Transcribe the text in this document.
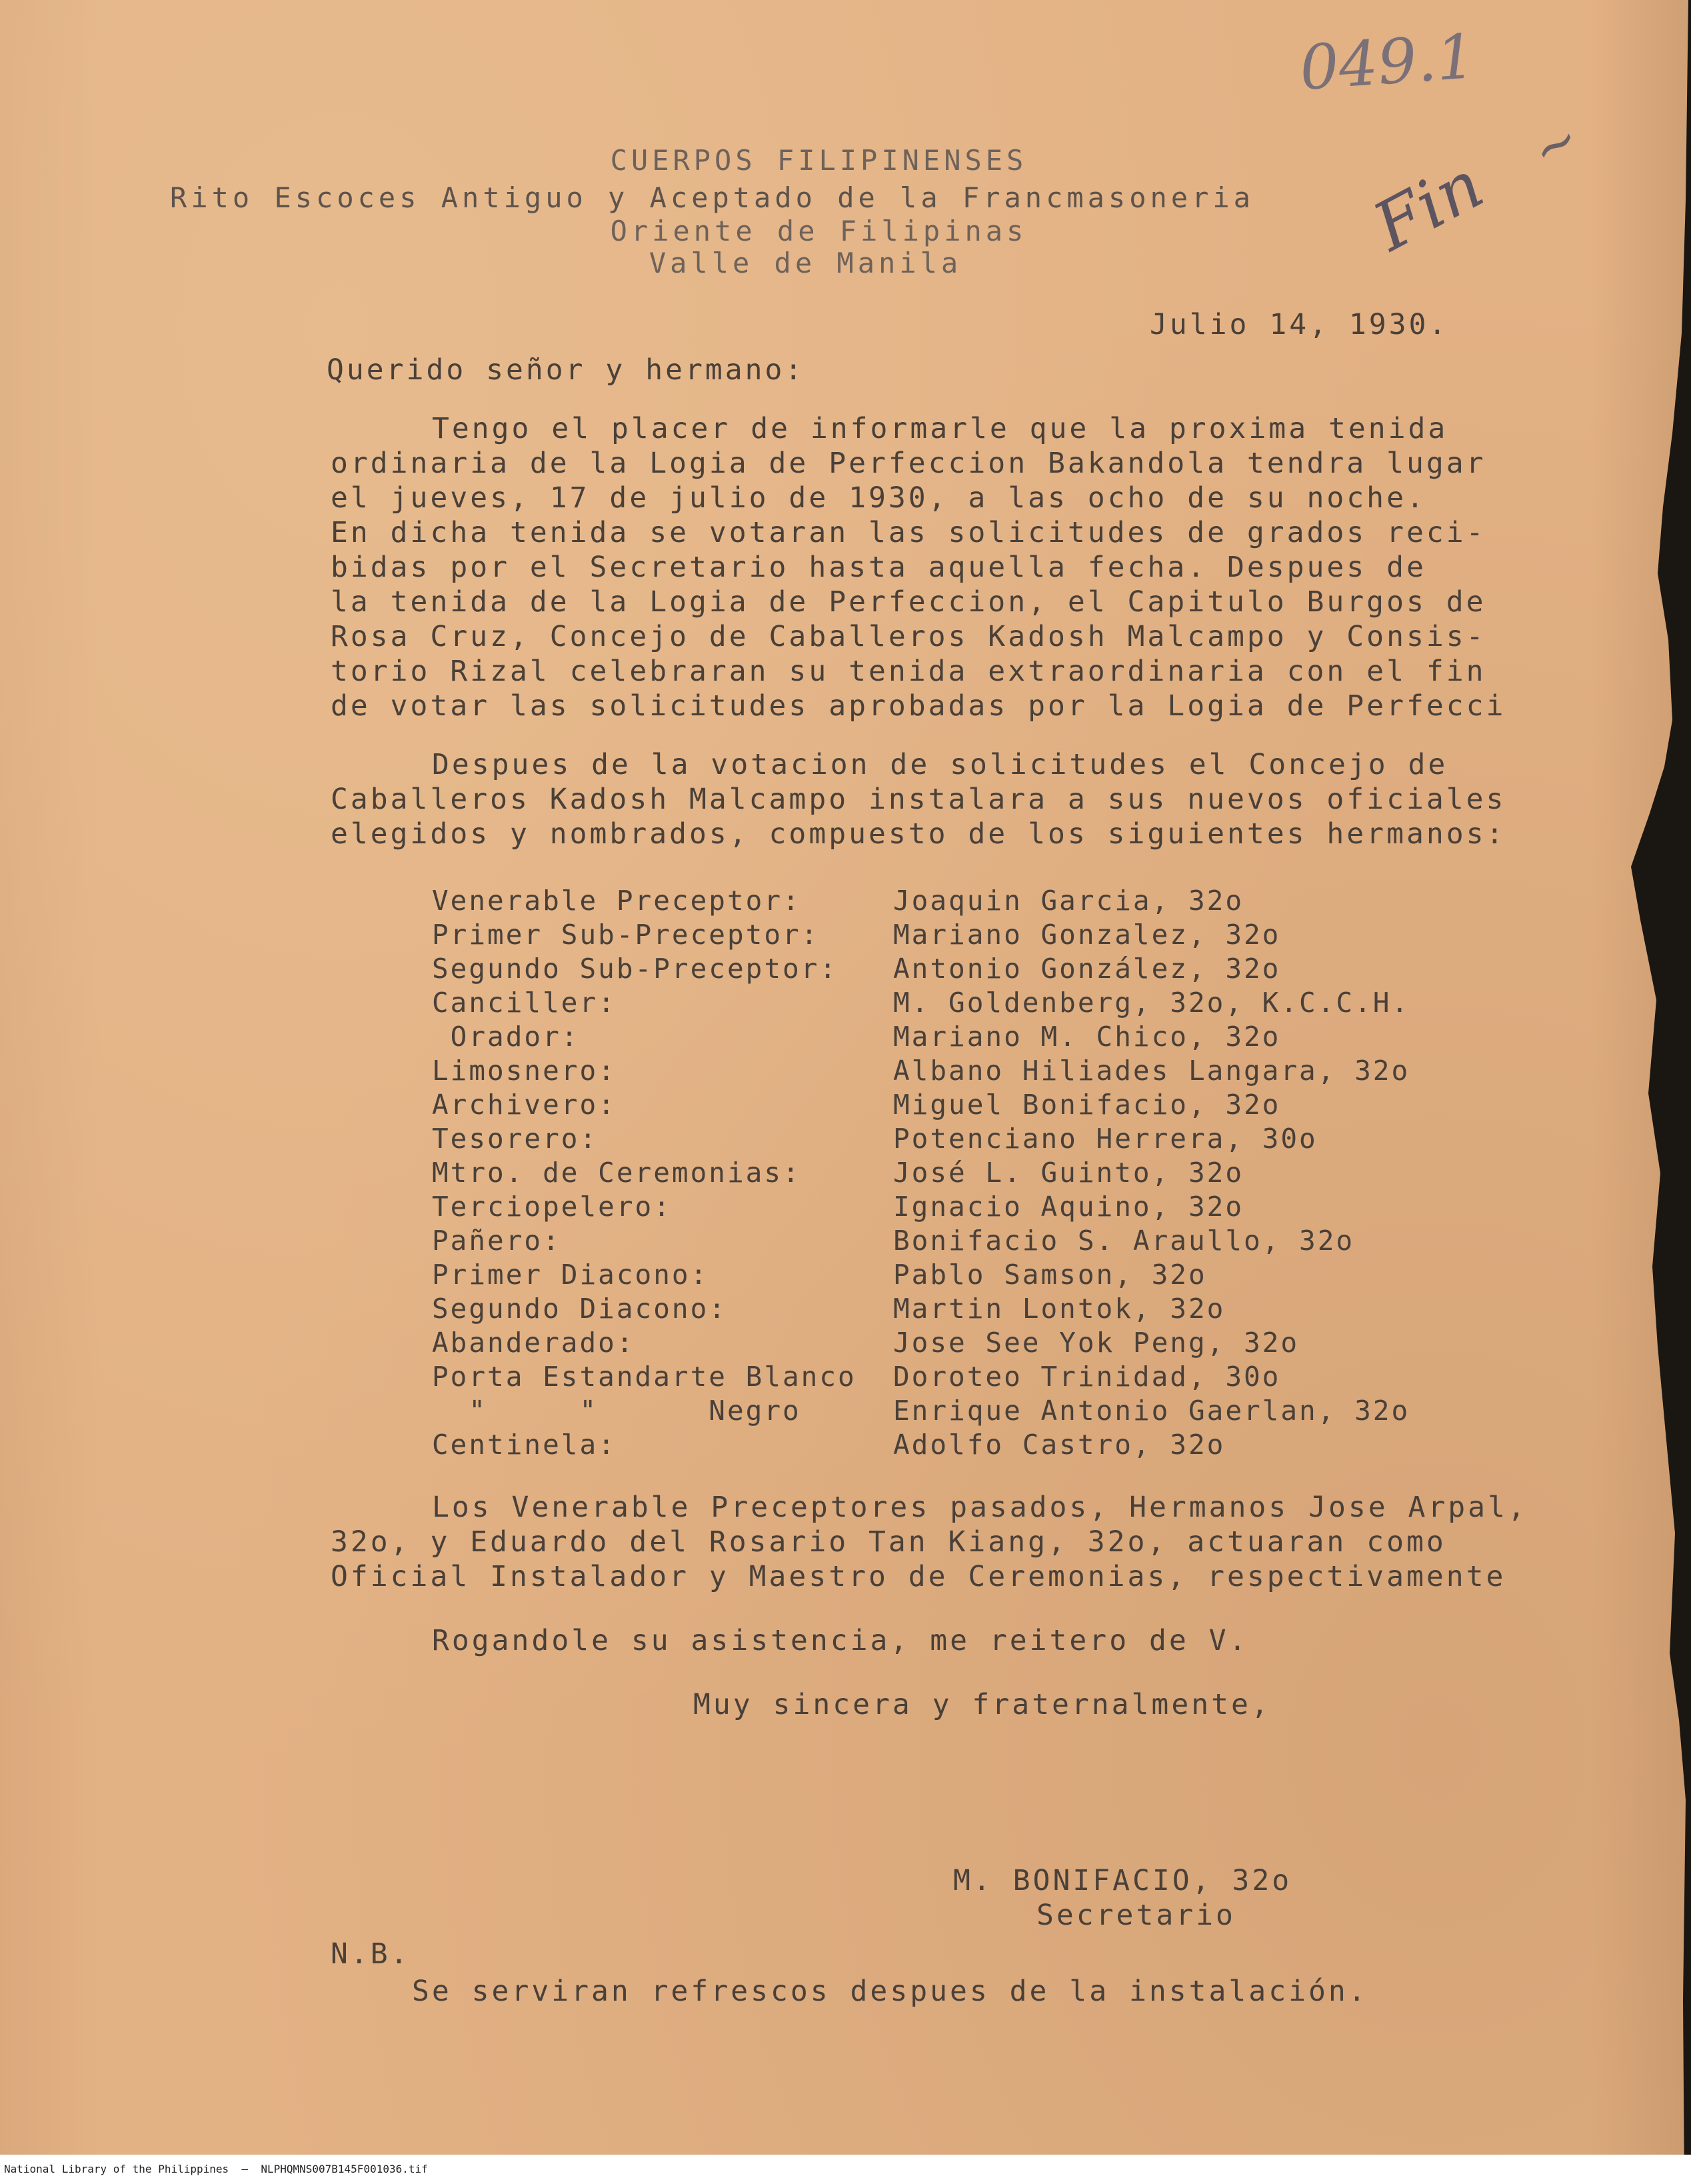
049.1
Fin
~
CUERPOS FILIPINENSES
Rito Escoces Antiguo y Aceptado de la Francmasoneria
Oriente de Filipinas
Valle de Manila
Julio 14, 1930.
Querido señor y hermano:
Tengo el placer de informarle que la proxima tenida
ordinaria de la Logia de Perfeccion Bakandola tendra lugar
el jueves, 17 de julio de 1930, a las ocho de su noche.
En dicha tenida se votaran las solicitudes de grados reci-
bidas por el Secretario hasta aquella fecha. Despues de
la tenida de la Logia de Perfeccion, el Capitulo Burgos de
Rosa Cruz, Concejo de Caballeros Kadosh Malcampo y Consis-
torio Rizal celebraran su tenida extraordinaria con el fin
de votar las solicitudes aprobadas por la Logia de Perfecci
Despues de la votacion de solicitudes el Concejo de
Caballeros Kadosh Malcampo instalara a sus nuevos oficiales
elegidos y nombrados, compuesto de los siguientes hermanos:
Venerable Preceptor:	Joaquin Garcia, 32o
Primer Sub-Preceptor:	Mariano Gonzalez, 32o
Segundo Sub-Preceptor: Antonio González, 32o
Canciller:	M. Goldenberg, 32o, K.C.C.H.
Orador:	Mariano M. Chico, 32o
Limosnero:	Albano Hiliades Langara, 32o
Archivero:	Miguel Bonifacio, 32o
Tesorero:	Potenciano Herrera, 30o
Mtro. de Ceremonias:	José L. Guinto, 32o
Terciopelero:	Ignacio Aquino, 32o
Pañero:	Bonifacio S. Araullo, 32o
Primer Diacono:	Pablo Samson, 32o
Segundo Diacono:	Martin Lontok, 32o
Abanderado:	Jose See Yok Peng, 32o
Porta Estandarte Blanco Doroteo Trinidad, 30o
"     "      Negro	Enrique Antonio Gaerlan, 32o
Centinela:	Adolfo Castro, 32o
Los Venerable Preceptores pasados, Hermanos Jose Arpal,
32o, y Eduardo del Rosario Tan Kiang, 32o, actuaran como
Oficial Instalador y Maestro de Ceremonias, respectivamente
Rogandole su asistencia, me reitero de V.
Muy sincera y fraternalmente,
M. BONIFACIO, 32o
Secretario
N.B.
Se serviran refrescos despues de la instalación.
National Library of the Philippines  —  NLPHQMNS007B145F001036.tif
